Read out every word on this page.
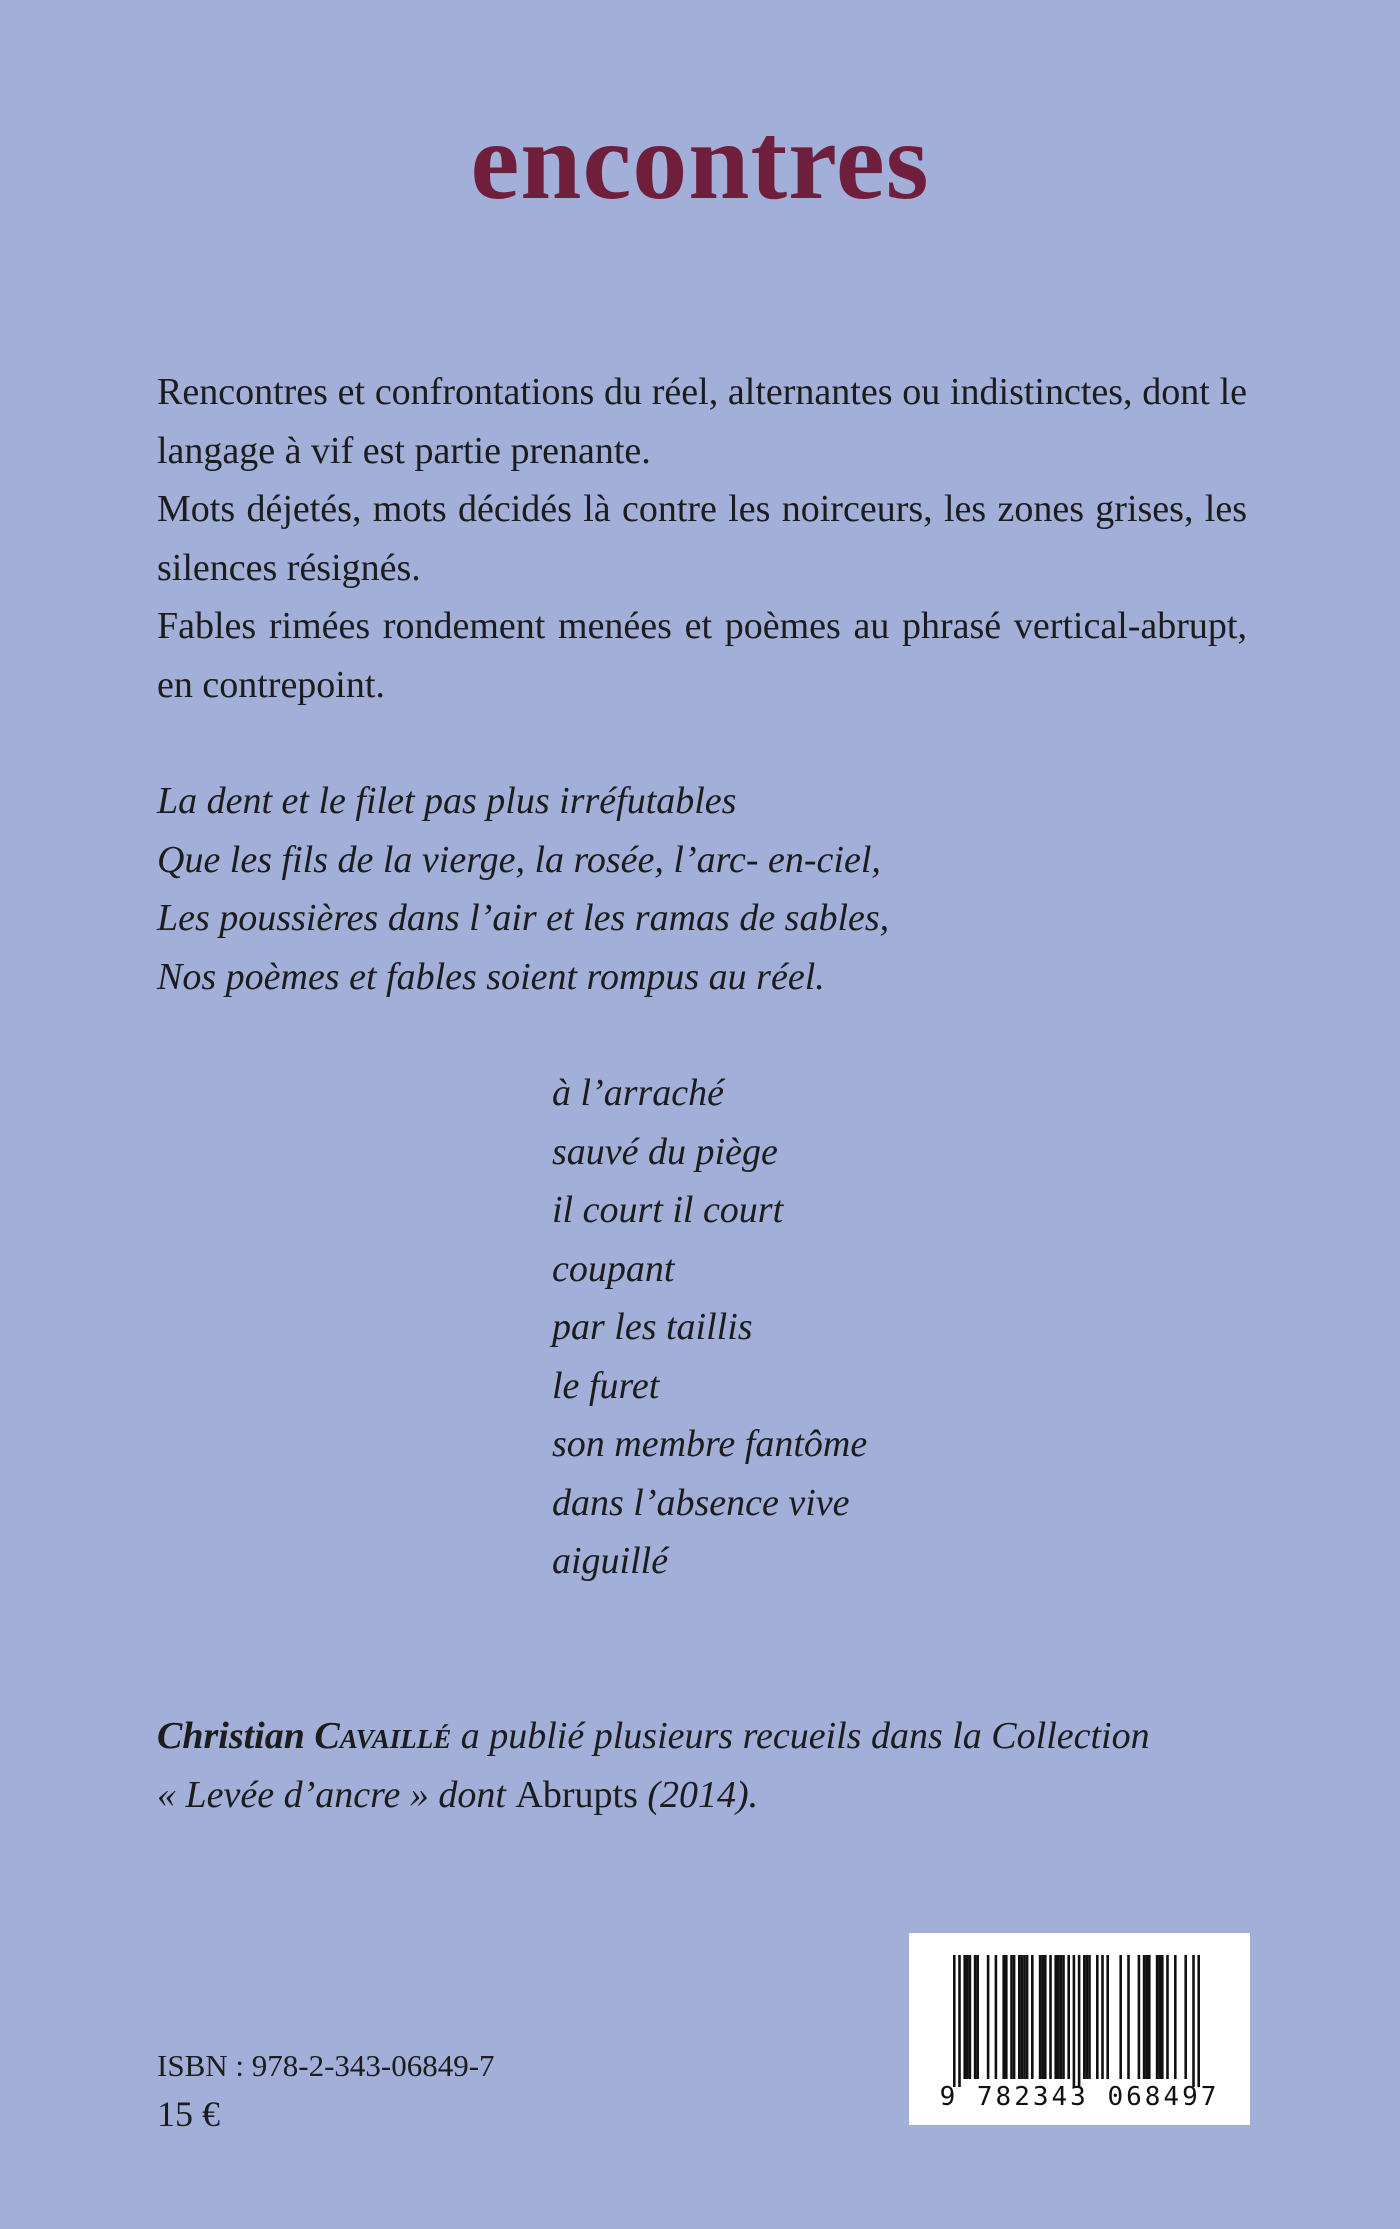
encontres

Rencontres et confrontations du réel, alternantes ou indistinctes, dont le langage à vif est partie prenante.

Mots déjetés, mots décidés là contre les noirceurs, les zones grises, les silences résignés.

Fables rimées rondement menées et poèmes au phrasé vertical-abrupt, en contrepoint.

La dent et le filet pas plus irréfutables
Que les fils de la vierge, la rosée, l’arc- en-ciel,
Les poussières dans l’air et les ramas de sables,
Nos poèmes et fables soient rompus au réel.
à l’arraché
sauvé du piège
il court il court
coupant
par les taillis
le furet
son membre fantôme
dans l’absence vive
aiguillé

Christian Cavaillé a publié plusieurs recueils dans la Collection

« Levée d’ancre » dont Abrupts (2014).

ISBN : 978-2-343-06849-7
15 €	9 782343 068497
